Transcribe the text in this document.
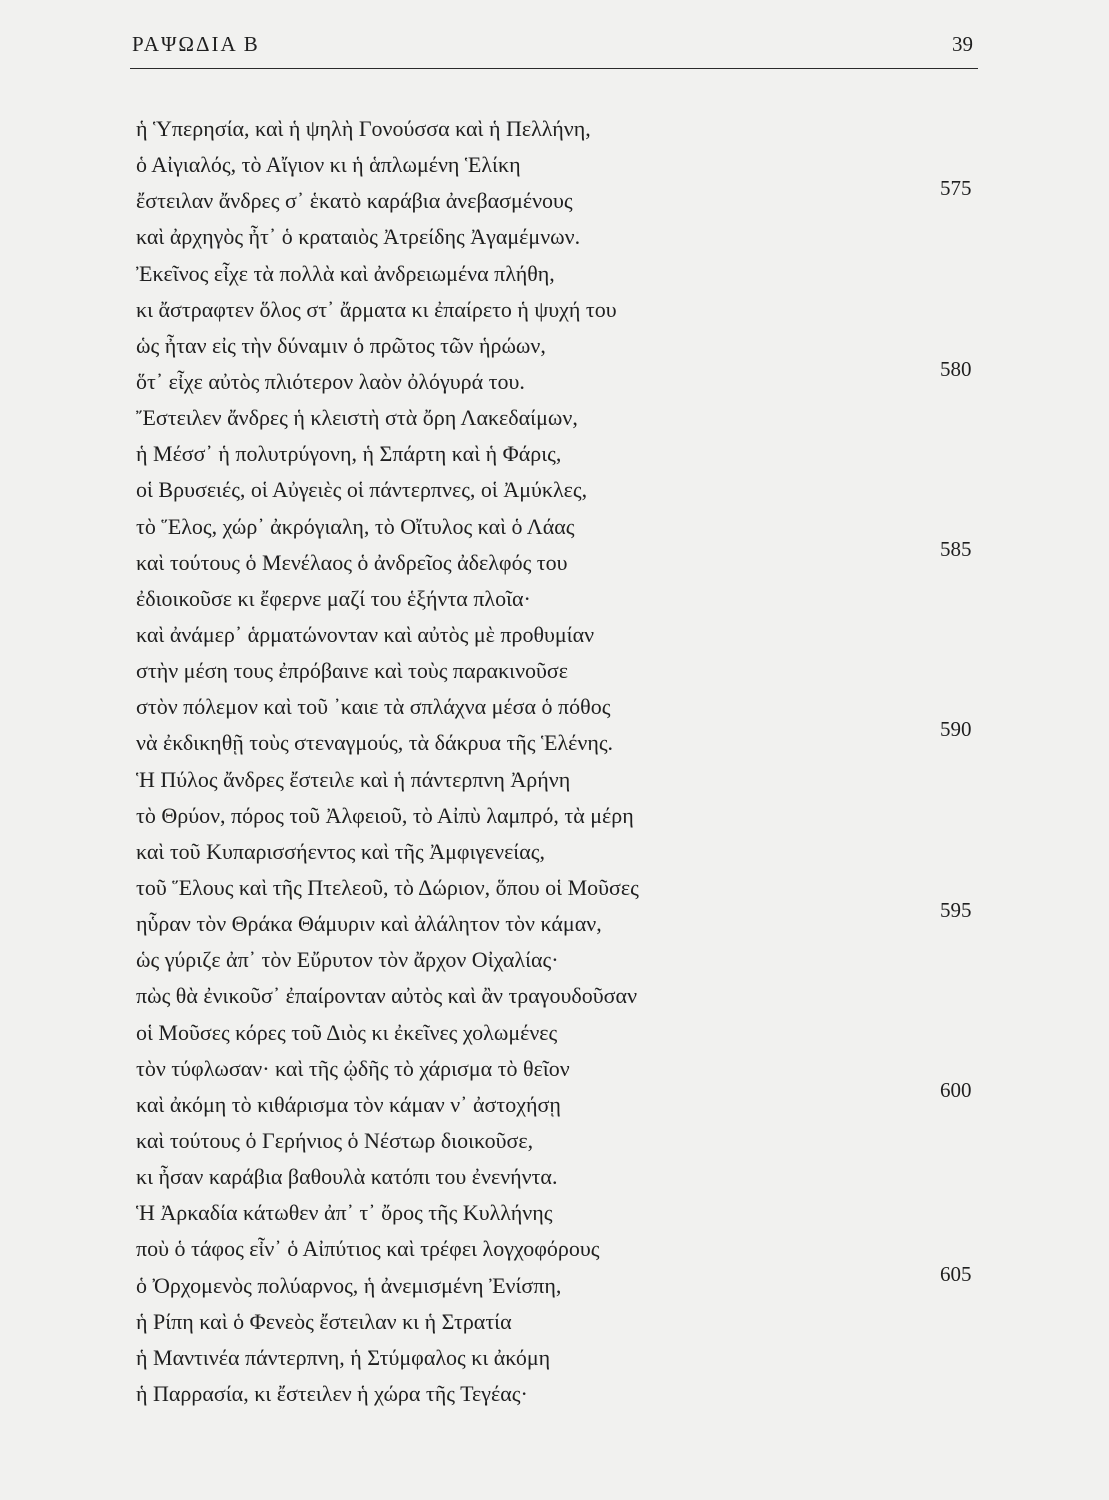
ΡΑΨΩΔΙΑ Β	39
ἡ Ὑπερησία, καὶ ἡ ψηλὴ Γονούσσα καὶ ἡ Πελλήνη,
ὁ Αἰγιαλός, τὸ Αἴγιον κι ἡ ἁπλωμένη Ἑλίκη
ἔστειλαν ἄνδρες σ᾿ ἑκατὸ καράβια ἀνεβασμένους
καὶ ἀρχηγὸς ἦτ᾿ ὁ κραταιὸς Ἀτρείδης Ἀγαμέμνων.
Ἐκεῖνος εἶχε τὰ πολλὰ καὶ ἀνδρειωμένα πλήθη,
κι ἄστραφτεν ὅλος στ᾿ ἄρματα κι ἐπαίρετο ἡ ψυχή του
ὡς ἦταν εἰς τὴν δύναμιν ὁ πρῶτος τῶν ἡρώων,
ὅτ᾿ εἶχε αὐτὸς πλιότερον λαὸν ὀλόγυρά του.
Ἔστειλεν ἄνδρες ἡ κλειστὴ στὰ ὄρη Λακεδαίμων,
ἡ Μέσσ᾿ ἡ πολυτρύγονη, ἡ Σπάρτη καὶ ἡ Φάρις,
οἱ Βρυσειές, οἱ Αὐγειὲς οἱ πάντερπνες, οἱ Ἀμύκλες,
τὸ Ἕλος, χώρ᾿ ἀκρόγιαλη, τὸ Οἴτυλος καὶ ὁ Λάας
καὶ τούτους ὁ Μενέλαος ὁ ἀνδρεῖος ἀδελφός του
ἐδιοικοῦσε κι ἔφερνε μαζί του ἑξήντα πλοῖα·
καὶ ἀνάμερ᾿ ἁρματώνονταν καὶ αὐτὸς μὲ προθυμίαν
στὴν μέση τους ἐπρόβαινε καὶ τοὺς παρακινοῦσε
στὸν πόλεμον καὶ τοῦ ᾿καιε τὰ σπλάχνα μέσα ὁ πόθος
νὰ ἐκδικηθῇ τοὺς στεναγμούς, τὰ δάκρυα τῆς Ἑλένης.
Ἡ Πύλος ἄνδρες ἔστειλε καὶ ἡ πάντερπνη Ἀρήνη
τὸ Θρύον, πόρος τοῦ Ἀλφειοῦ, τὸ Αἰπὺ λαμπρό, τὰ μέρη
καὶ τοῦ Κυπαρισσήεντος καὶ τῆς Ἀμφιγενείας,
τοῦ Ἕλους καὶ τῆς Πτελεοῦ, τὸ Δώριον, ὅπου οἱ Μοῦσες
ηὗραν τὸν Θράκα Θάμυριν καὶ ἀλάλητον τὸν κάμαν,
ὡς γύριζε ἀπ᾿ τὸν Εὔρυτον τὸν ἄρχον Οἰχαλίας·
πὼς θὰ ἐνικοῦσ᾿ ἐπαίρονταν αὐτὸς καὶ ἂν τραγουδοῦσαν
οἱ Μοῦσες κόρες τοῦ Διὸς κι ἐκεῖνες χολωμένες
τὸν τύφλωσαν· καὶ τῆς ᾠδῆς τὸ χάρισμα τὸ θεῖον
καὶ ἀκόμη τὸ κιθάρισμα τὸν κάμαν ν᾿ ἀστοχήσῃ
καὶ τούτους ὁ Γερήνιος ὁ Νέστωρ διοικοῦσε,
κι ἦσαν καράβια βαθουλὰ κατόπι του ἐνενήντα.
Ἡ Ἀρκαδία κάτωθεν ἀπ᾿ τ᾿ ὄρος τῆς Κυλλήνης
ποὺ ὁ τάφος εἶν᾿ ὁ Αἰπύτιος καὶ τρέφει λογχοφόρους
ὁ Ὀρχομενὸς πολύαρνος, ἡ ἀνεμισμένη Ἐνίσπη,
ἡ Ρίπη καὶ ὁ Φενεὸς ἔστειλαν κι ἡ Στρατία
ἡ Μαντινέα πάντερπνη, ἡ Στύμφαλος κι ἀκόμη
ἡ Παρρασία, κι ἔστειλεν ἡ χώρα τῆς Τεγέας·
575
580
585
590
595
600
605
